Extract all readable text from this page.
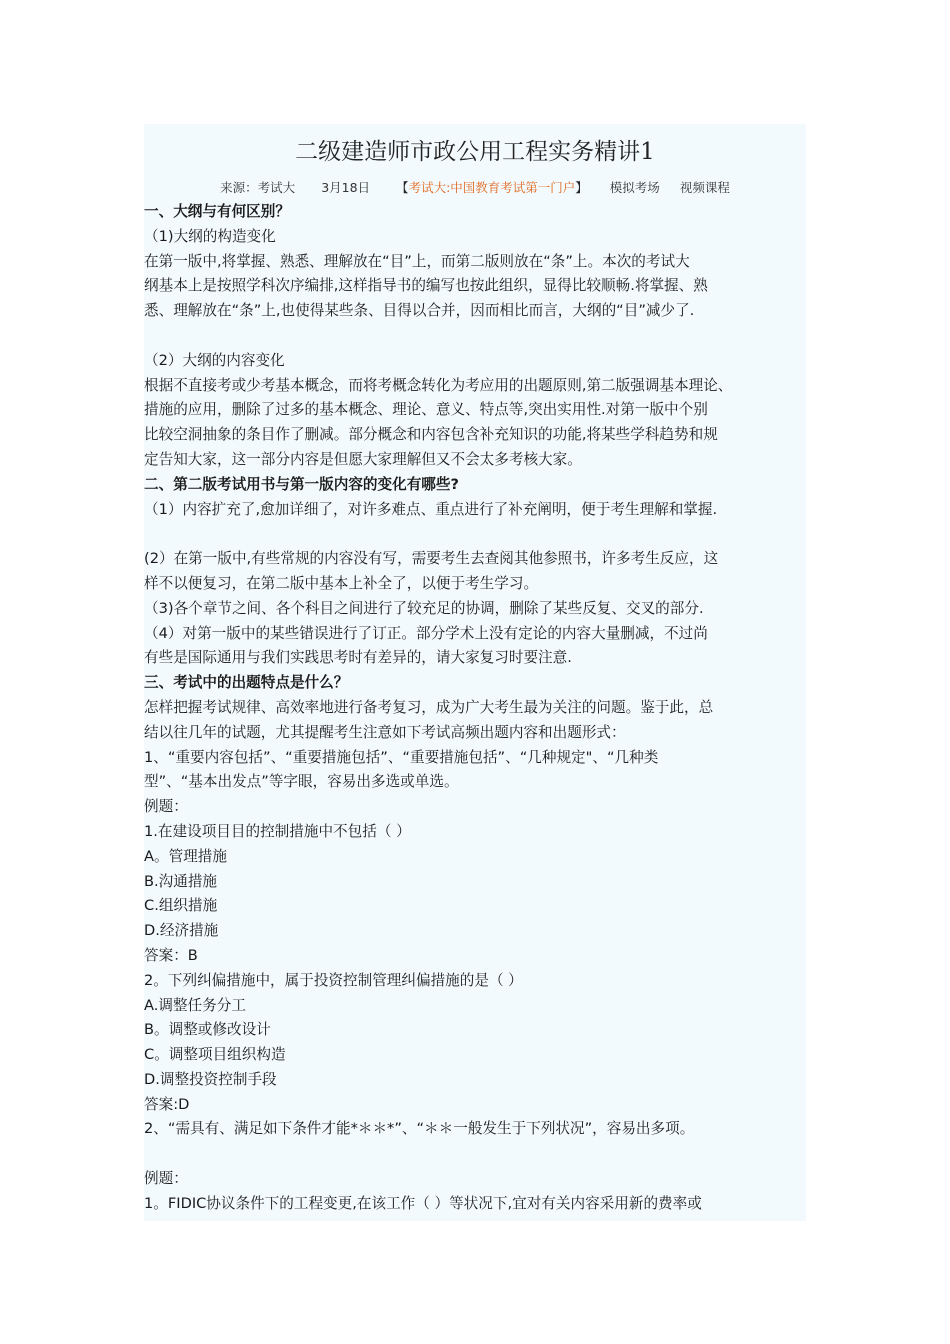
二级建造师市政公用工程实务精讲1
来源：考试大 3月18日 【考试大:中国教育考试第一门户】 模拟考场 视频课程

一、大纲与有何区别？

（1)大纲的构造变化

在第一版中,将掌握、熟悉、理解放在“目”上，而第二版则放在“条”上。本次的考试大

纲基本上是按照学科次序编排,这样指导书的编写也按此组织，显得比较顺畅.将掌握、熟

悉、理解放在“条”上,也使得某些条、目得以合并，因而相比而言，大纲的“目”减少了.

（2）大纲的内容变化

根据不直接考或少考基本概念，而将考概念转化为考应用的出题原则,第二版强调基本理论、

措施的应用，删除了过多的基本概念、理论、意义、特点等,突出实用性.对第一版中个别

比较空洞抽象的条目作了删减。部分概念和内容包含补充知识的功能,将某些学科趋势和规

定告知大家，这一部分内容是但愿大家理解但又不会太多考核大家。

二、第二版考试用书与第一版内容的变化有哪些?

（1）内容扩充了,愈加详细了，对许多难点、重点进行了补充阐明，便于考生理解和掌握.

(2）在第一版中,有些常规的内容没有写，需要考生去查阅其他参照书，许多考生反应，这

样不以便复习，在第二版中基本上补全了，以便于考生学习。

（3)各个章节之间、各个科目之间进行了较充足的协调，删除了某些反复、交叉的部分.

（4）对第一版中的某些错误进行了订正。部分学术上没有定论的内容大量删减，不过尚

有些是国际通用与我们实践思考时有差异的，请大家复习时要注意.

三、考试中的出题特点是什么？

怎样把握考试规律、高效率地进行备考复习，成为广大考生最为关注的问题。鉴于此，总

结以往几年的试题，尤其提醒考生注意如下考试高频出题内容和出题形式：

1、“重要内容包括”、“重要措施包括”、“重要措施包括”、“几种规定"、“几种类

型”、“基本出发点”等字眼，容易出多选或单选。

例题：

1.在建设项目目的控制措施中不包括（ ）

A。管理措施

B.沟通措施

C.组织措施

D.经济措施

答案：B

2。下列纠偏措施中，属于投资控制管理纠偏措施的是（ ）

A.调整任务分工

B。调整或修改设计

C。调整项目组织构造

D.调整投资控制手段

答案:D

2、“需具有、满足如下条件才能*＊＊*”、“＊＊一般发生于下列状况”，容易出多项。

例题：

1。FIDIC协议条件下的工程变更,在该工作（ ）等状况下,宜对有关内容采用新的费率或
